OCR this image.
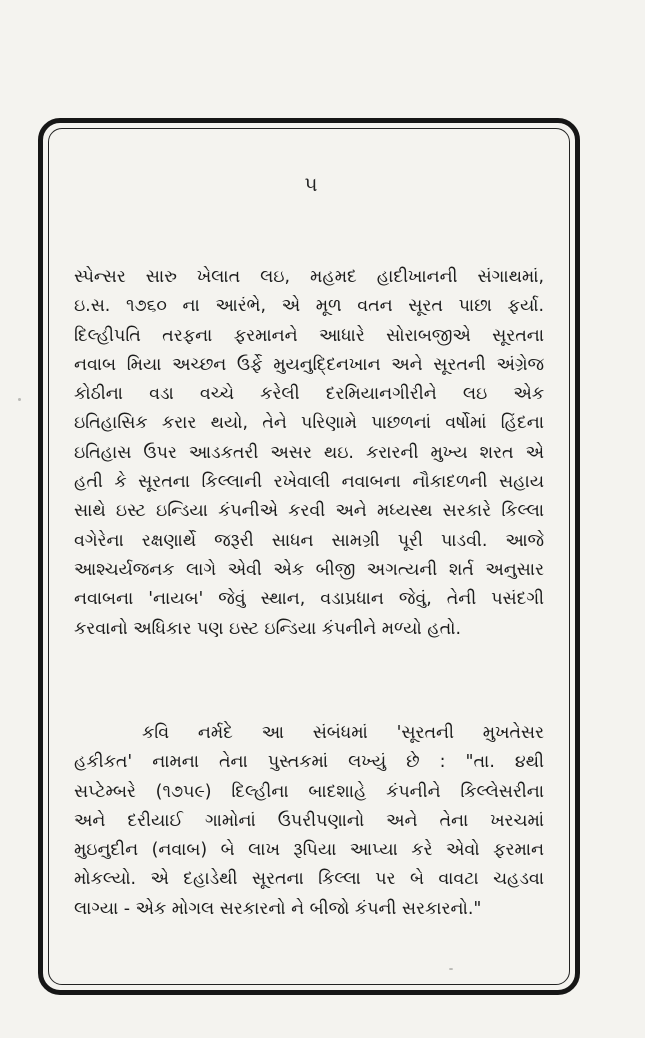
૫
સ્પેન્સર સારુ ખેલાત લઇ, મહમદ હાદીખાનની સંગાથમાં,
ઇ.સ. ૧૭૬૦ ના આરંભે, એ મૂળ વતન સૂરત પાછા ફર્યા.
દિલ્હીપતિ તરફના ફરમાનને આધારે સોરાબજીએ સૂરતના
નવાબ મિયા અચ્છન ઉર્ફે મુયનુદ્દિનખાન અને સૂરતની અંગ્રેજ
કોઠીના વડા વચ્ચે કરેલી દરમિયાનગીરીને લઇ એક
ઇતિહાસિક કરાર થયો, તેને પરિણામે પાછળનાં વર્ષોમાં હિંદના
ઇતિહાસ ઉપર આડકતરી અસર થઇ. કરારની મુખ્ય શરત એ
હતી કે સૂરતના કિલ્લાની રખેવાલી નવાબના નૌકાદળની સહાય
સાથે ઇસ્ટ ઇન્ડિયા કંપનીએ કરવી અને મધ્યસ્થ સરકારે કિલ્લા
વગેરેના રક્ષણાર્થે જરૂરી સાધન સામગ્રી પૂરી પાડવી. આજે
આશ્ચર્યજનક લાગે એવી એક બીજી અગત્યની શર્ત અનુસાર
નવાબના 'નાયબ' જેવું સ્થાન, વડાપ્રધાન જેવું, તેની પસંદગી
કરવાનો અધિકાર પણ ઇસ્ટ ઇન્ડિયા કંપનીને મળ્યો હતો.
કવિ નર્મદે આ સંબંધમાં 'સૂરતની મુખતેસર
હકીકત' નામના તેના પુસ્તકમાં લખ્યું છે : "તા. ૪થી
સપ્ટેમ્બરે (૧૭૫૯) દિલ્હીના બાદશાહે કંપનીને કિલ્લેસરીના
અને દરીયાઈ ગામોનાં ઉપરીપણાનો અને તેના ખરચમાં
મુઇનુદીન (નવાબ) બે લાખ રૂપિયા આપ્યા કરે એવો ફરમાન
મોકલ્યો. એ દહાડેથી સૂરતના કિલ્લા પર બે વાવટા ચહડવા
લાગ્યા - એક મોગલ સરકારનો ને બીજો કંપની સરકારનો."
